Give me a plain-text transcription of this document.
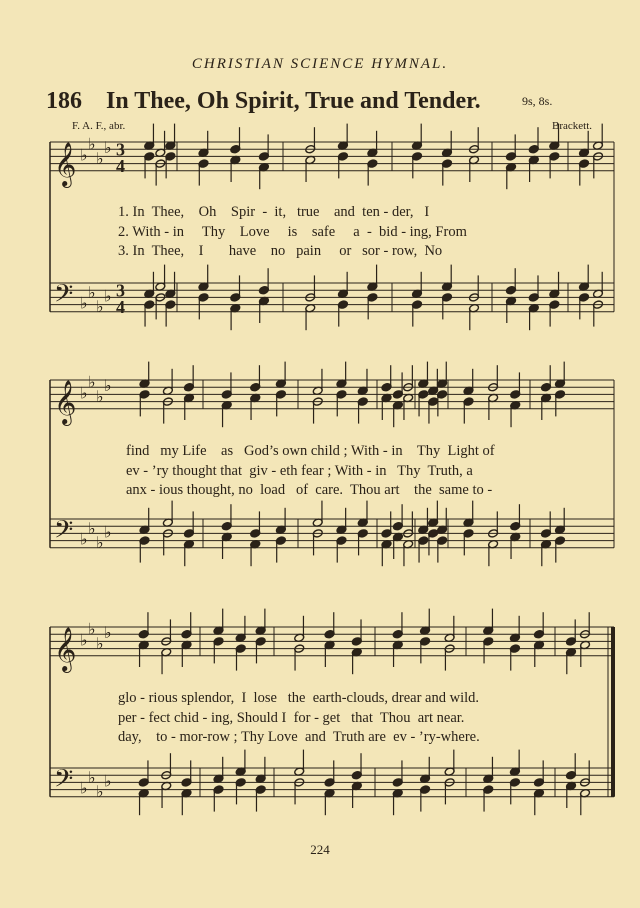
CHRISTIAN SCIENCE HYMNAL.
186 In Thee, Oh Spirit, True and Tender.	9s, 8s.
F. A. F., abr.	Brackett.
𝄞
𝄢
♭
♭
♭
♭
♭
♭
♭
♭
3
4
3
4
𝄞
𝄢
♭
♭
♭
♭
♭
♭
♭
♭
𝄞
𝄢
♭
♭
♭
♭
♭
♭
♭
♭
1. In  Thee,    Oh    Spir  -  it,   true    and  ten - der,   I
2. With - in     Thy    Love     is    safe     a  -  bid - ing, From
3. In  Thee,    I       have    no   pain     or   sor - row,  No
find   my Life    as   God’s own child ; With - in    Thy  Light of
ev - ’ry thought that  giv - eth fear ; With - in   Thy  Truth, a
anx - ious thought, no  load   of  care.  Thou art    the  same to -
glo - rious splendor,  I  lose   the  earth-clouds, drear and wild.
per - fect chid - ing, Should I  for - get   that  Thou  art near.
day,    to - mor-row ; Thy Love  and  Truth are  ev - ’ry-where.
224
